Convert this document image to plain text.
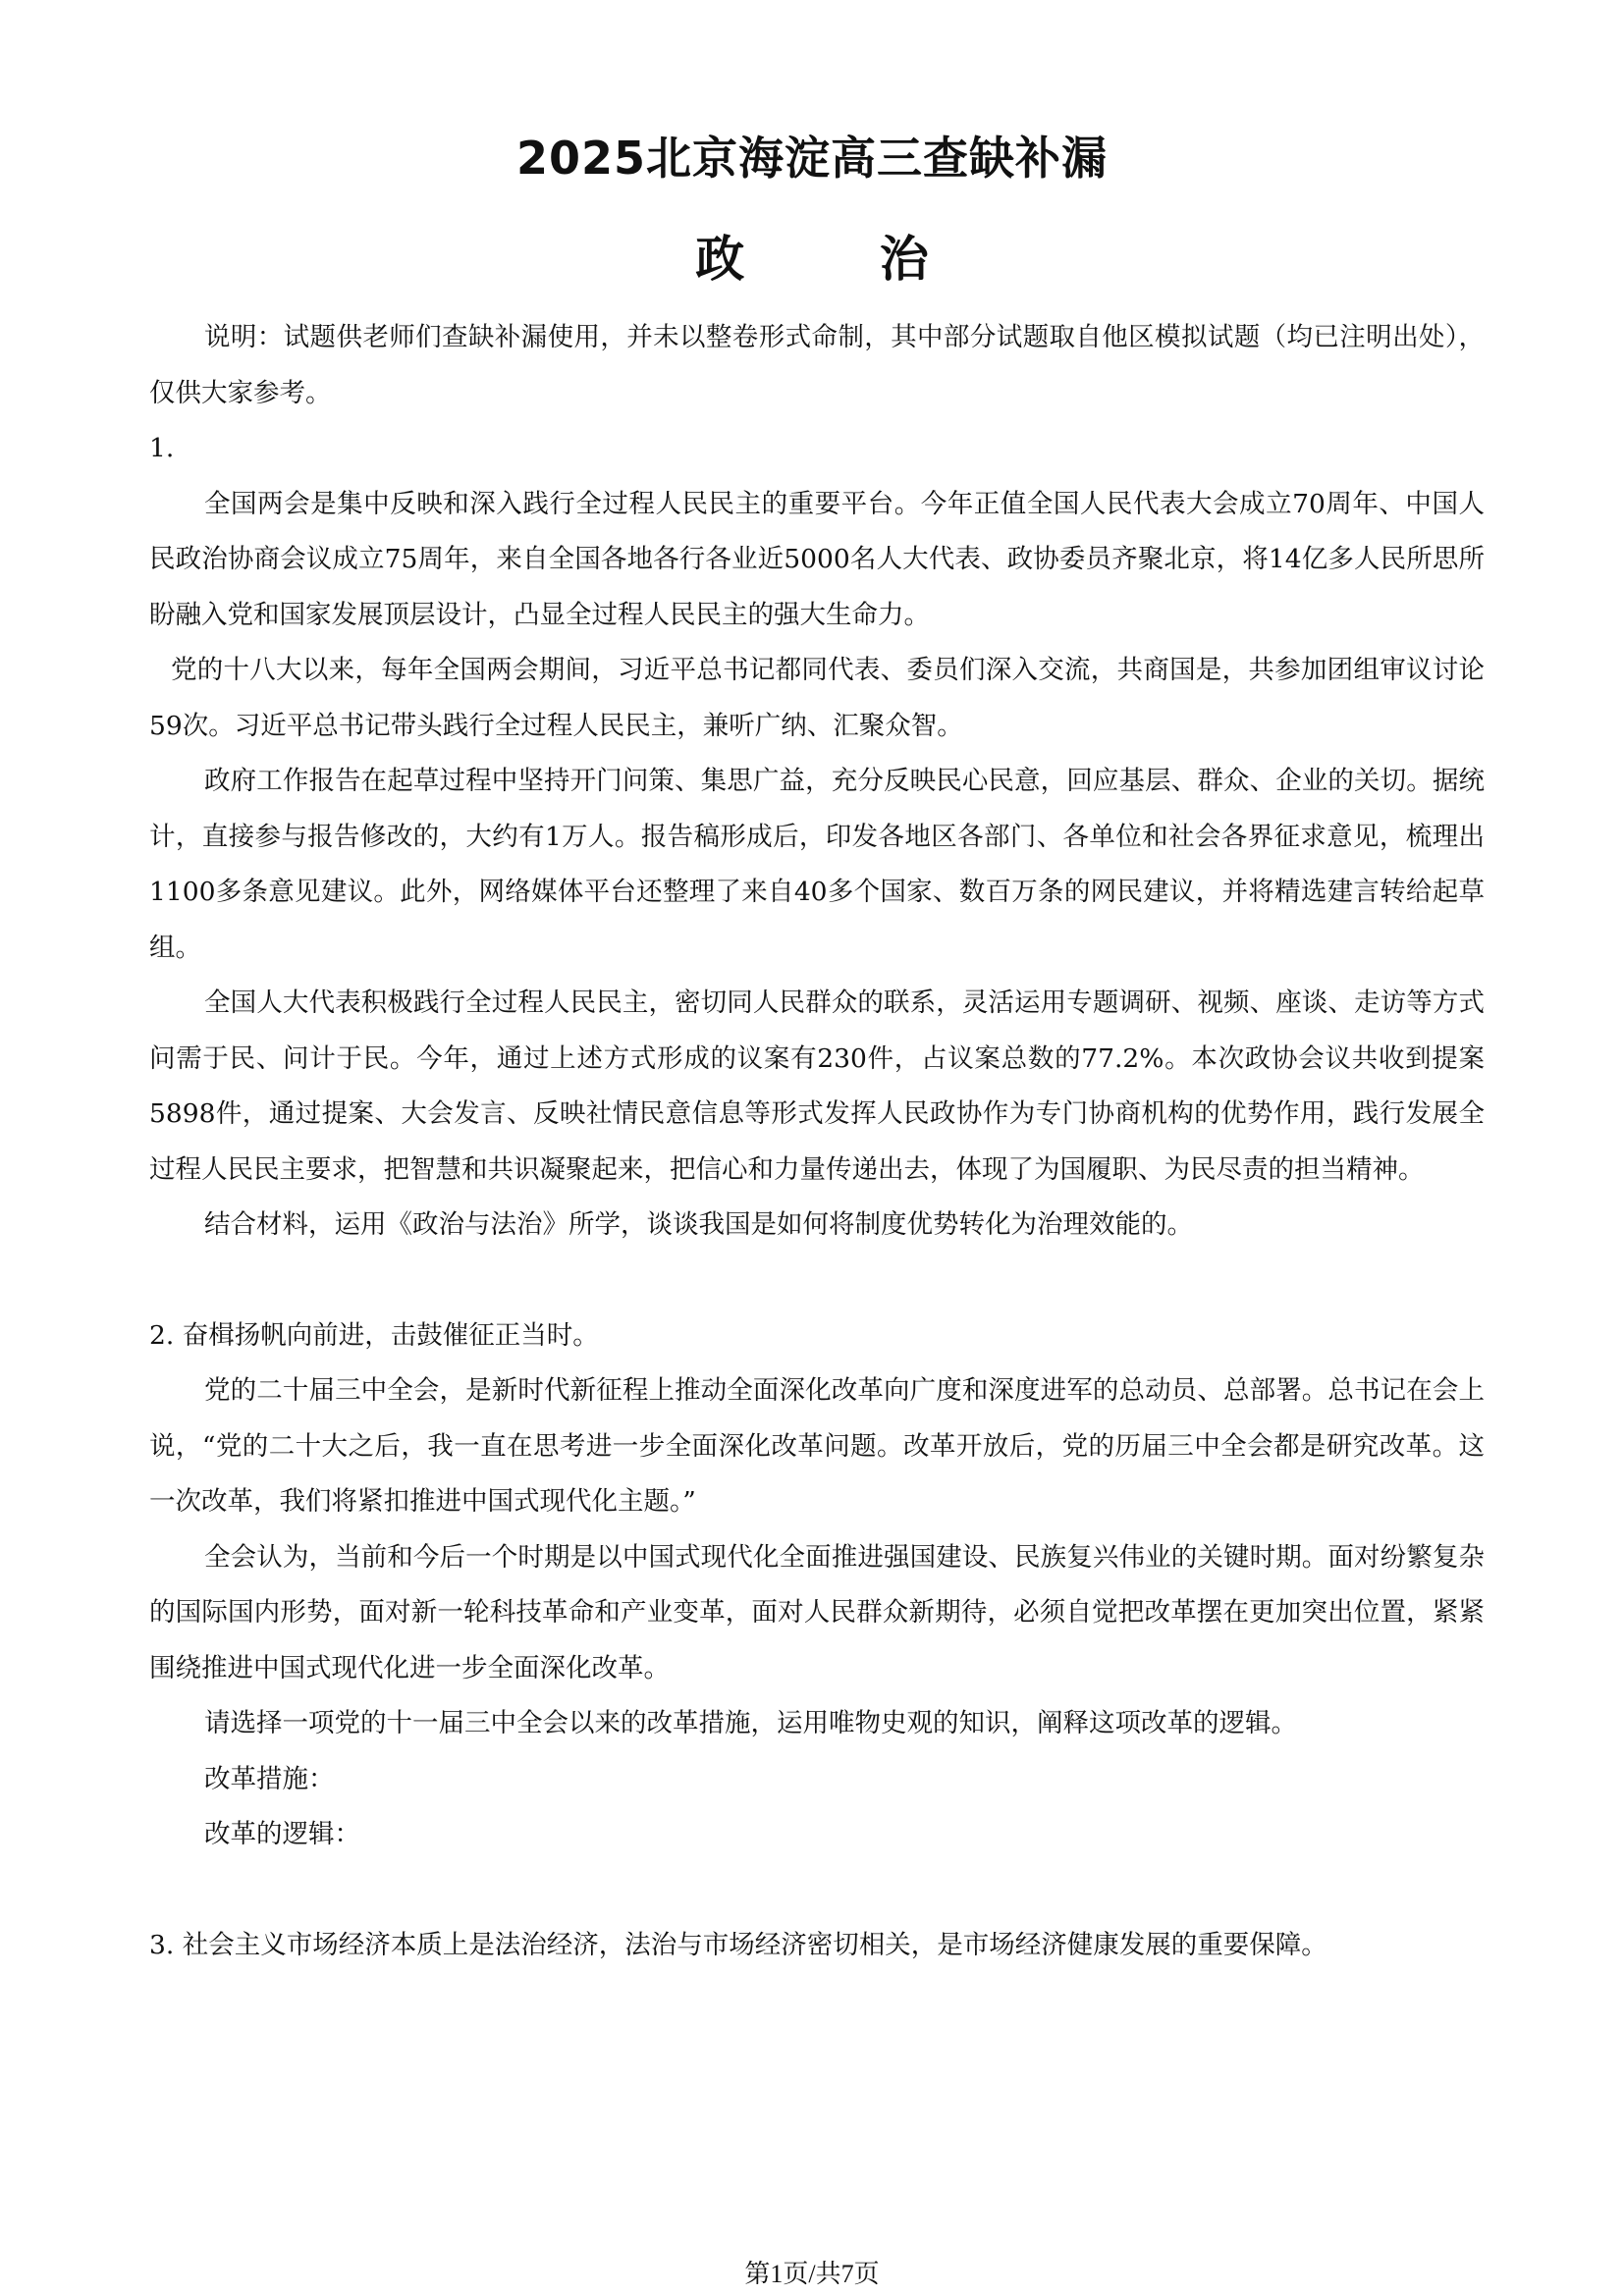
2025北京海淀高三查缺补漏
政 治

说明：试题供老师们查缺补漏使用，并未以整卷形式命制，其中部分试题取自他区模拟试题（均已注明出处），仅供大家参考。

1.

全国两会是集中反映和深入践行全过程人民民主的重要平台。今年正值全国人民代表大会成立70周年、中国人民政治协商会议成立75周年，来自全国各地各行各业近5000名人大代表、政协委员齐聚北京，将14亿多人民所思所盼融入党和国家发展顶层设计，凸显全过程人民民主的强大生命力。

党的十八大以来，每年全国两会期间，习近平总书记都同代表、委员们深入交流，共商国是，共参加团组审议讨论59次。习近平总书记带头践行全过程人民民主，兼听广纳、汇聚众智。

政府工作报告在起草过程中坚持开门问策、集思广益，充分反映民心民意，回应基层、群众、企业的关切。据统计，直接参与报告修改的，大约有1万人。报告稿形成后，印发各地区各部门、各单位和社会各界征求意见，梳理出1100多条意见建议。此外，网络媒体平台还整理了来自40多个国家、数百万条的网民建议，并将精选建言转给起草组。

全国人大代表积极践行全过程人民民主，密切同人民群众的联系，灵活运用专题调研、视频、座谈、走访等方式问需于民、问计于民。今年，通过上述方式形成的议案有230件，占议案总数的77.2%。本次政协会议共收到提案5898件，通过提案、大会发言、反映社情民意信息等形式发挥人民政协作为专门协商机构的优势作用，践行发展全过程人民民主要求，把智慧和共识凝聚起来，把信心和力量传递出去，体现了为国履职、为民尽责的担当精神。

结合材料，运用《政治与法治》所学，谈谈我国是如何将制度优势转化为治理效能的。

2. 奋楫扬帆向前进，击鼓催征正当时。

党的二十届三中全会，是新时代新征程上推动全面深化改革向广度和深度进军的总动员、总部署。总书记在会上说，“党的二十大之后，我一直在思考进一步全面深化改革问题。改革开放后，党的历届三中全会都是研究改革。这一次改革，我们将紧扣推进中国式现代化主题。”

全会认为，当前和今后一个时期是以中国式现代化全面推进强国建设、民族复兴伟业的关键时期。面对纷繁复杂的国际国内形势，面对新一轮科技革命和产业变革，面对人民群众新期待，必须自觉把改革摆在更加突出位置，紧紧围绕推进中国式现代化进一步全面深化改革。

请选择一项党的十一届三中全会以来的改革措施，运用唯物史观的知识，阐释这项改革的逻辑。

改革措施：

改革的逻辑：

3. 社会主义市场经济本质上是法治经济，法治与市场经济密切相关，是市场经济健康发展的重要保障。

第1页/共7页
